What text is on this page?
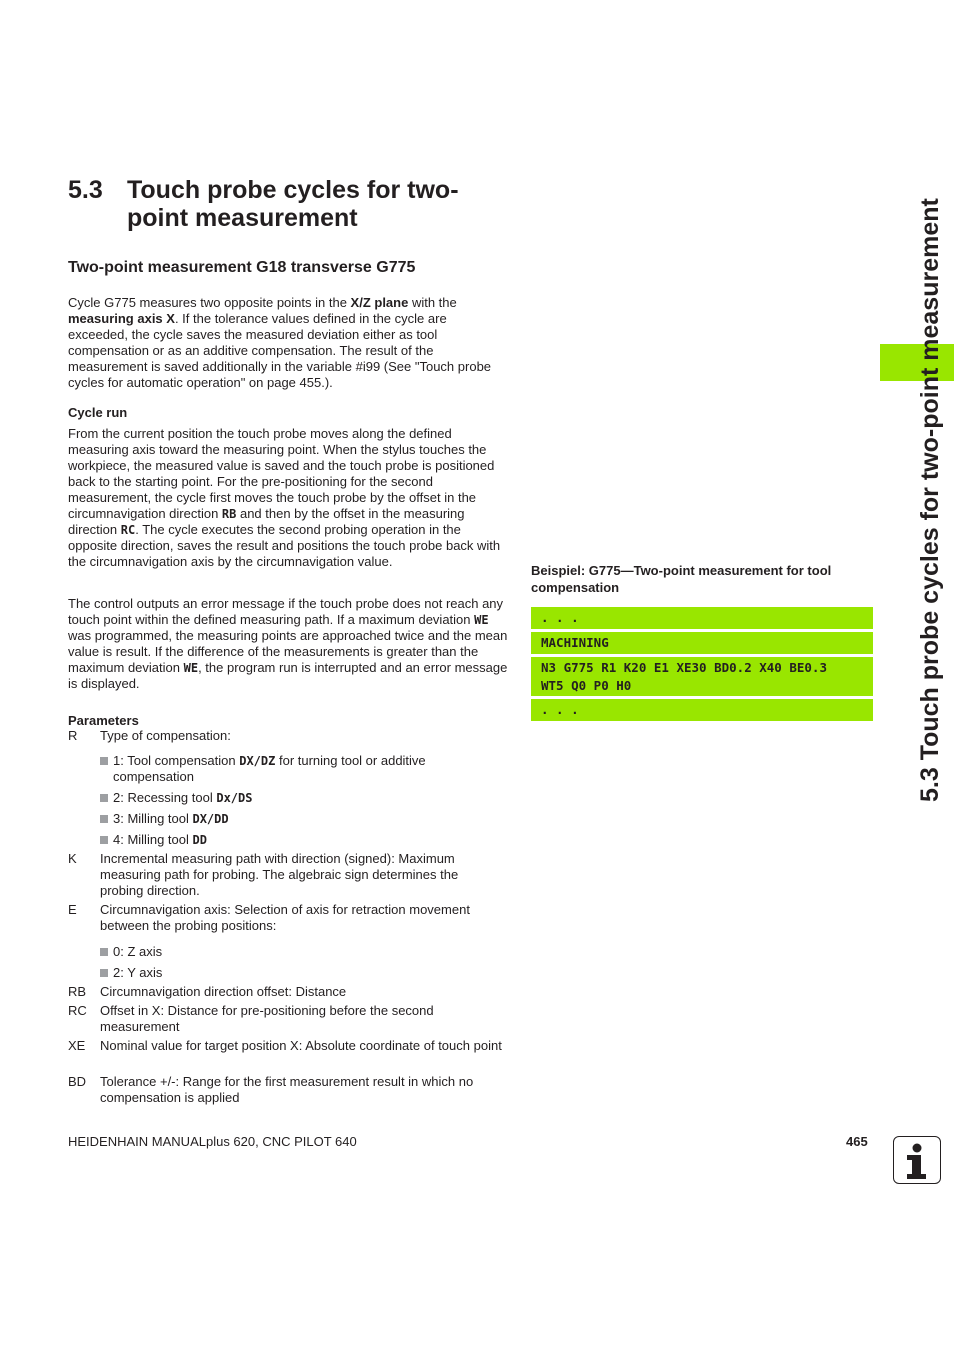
5.3 Touch probe cycles for two-
point measurement
Two-point measurement G18 transverse G775
Cycle G775 measures two opposite points in the X/Z plane with the measuring axis X. If the tolerance values defined in the cycle are exceeded, the cycle saves the measured deviation either as tool compensation or as an additive compensation. The result of the measurement is saved additionally in the variable #i99 (See "Touch probe cycles for automatic operation" on page 455.).
Cycle run
From the current position the touch probe moves along the defined measuring axis toward the measuring point. When the stylus touches the workpiece, the measured value is saved and the touch probe is positioned back to the starting point. For the pre-positioning for the second measurement, the cycle first moves the touch probe by the offset in the circumnavigation direction RB and then by the offset in the measuring direction RC. The cycle executes the second probing operation in the opposite direction, saves the result and positions the touch probe back with the circumnavigation axis by the circumnavigation value.
The control outputs an error message if the touch probe does not reach any touch point within the defined measuring path. If a maximum deviation WE was programmed, the measuring points are approached twice and the mean value is result. If the difference of the measurements is greater than the maximum deviation WE, the program run is interrupted and an error message is displayed.
Parameters
R	Type of compensation:
1: Tool compensation DX/DZ for turning tool or additive compensation
2: Recessing tool Dx/DS
3: Milling tool DX/DD
4: Milling tool DD
K	Incremental measuring path with direction (signed): Maximum measuring path for probing. The algebraic sign determines the probing direction.
E	Circumnavigation axis: Selection of axis for retraction movement between the probing positions:
0: Z axis
2: Y axis
RB	Circumnavigation direction offset: Distance
RC	Offset in X: Distance for pre-positioning before the second measurement
XE	Nominal value for target position X: Absolute coordinate of touch point
BD	Tolerance +/-: Range for the first measurement result in which no compensation is applied
Beispiel: G775—Two-point measurement for tool compensation
. . .
MACHINING
N3 G775 R1 K20 E1 XE30 BD0.2 X40 BE0.3
WT5 Q0 P0 H0
. . .	5.3 Touch probe cycles for two-point measurement
HEIDENHAIN MANUALplus 620, CNC PILOT 640	465
